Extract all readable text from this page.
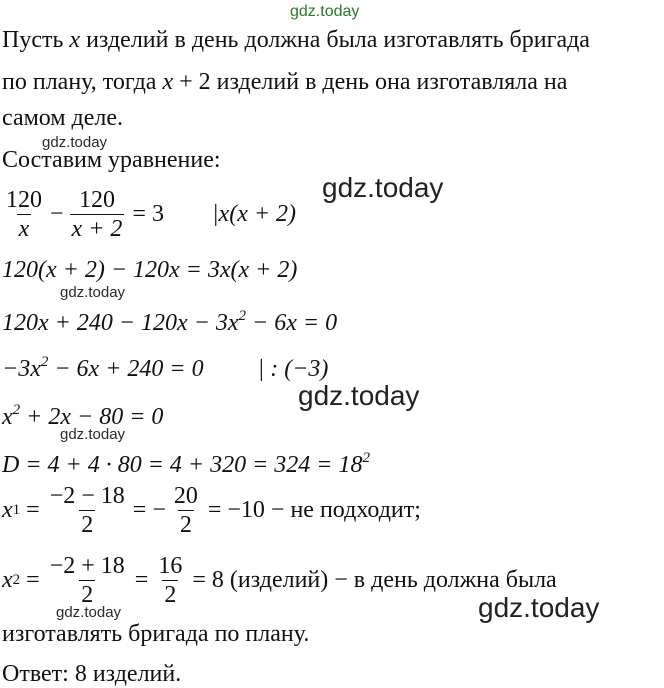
gdz.today
gdz.today
gdz.today
gdz.today
gdz.today
gdz.today
gdz.today	gdz.today
Пусть x изделий в день должна была изготавлять бригада
по плану, тогда x + 2 изделий в день она изготавляла на
самом деле.
Составим уравнение:
$\frac{120}{x} - \frac{120}{x + 2} = 3$ |x(x + 2)
120(x + 2) − 120x = 3x(x + 2)
$120x + 240 - 120x - 3x^2 - 6x = 0$
$-3x^2 - 6x + 240 = 0$ | : (−3)
$x^2 + 2x - 80 = 0$
$D = 4 + 4 \cdot 80 = 4 + 320 = 324 = 18^2$
x $1 = \frac{-2 - 18}{2}$ = − $\frac{20}{2} = -10$ − не подходит;
x $2 = \frac{-2 + 18}{2} = \frac{16}{2} = 8$ (изделий) − в день должна была
изготавлять бригада по плану.
Ответ: 8 изделий.
